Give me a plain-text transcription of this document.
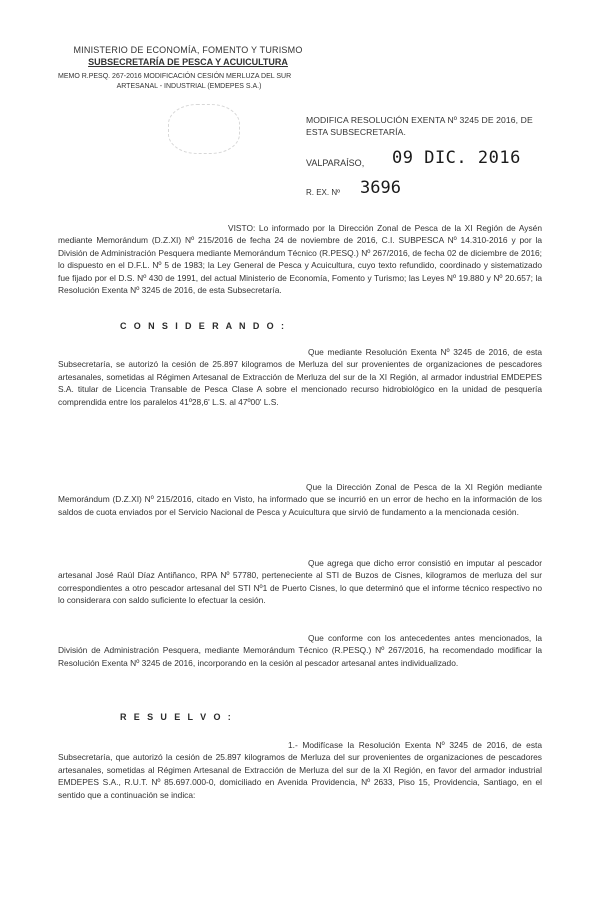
MINISTERIO DE ECONOMÍA, FOMENTO Y TURISMO
SUBSECRETARÍA DE PESCA Y ACUICULTURA
MEMO R.PESQ. 267-2016 MODIFICACIÓN CESIÓN MERLUZA DEL SUR

ARTESANAL - INDUSTRIAL (EMDEPES S.A.)
MODIFICA RESOLUCIÓN EXENTA Nº 3245 DE 2016, DE ESTA SUBSECRETARÍA.
VALPARAÍSO, 09 DIC. 2016
R. EX. Nº 3696
VISTO: Lo informado por la Dirección Zonal de Pesca de la XI Región de Aysén mediante Memorándum (D.Z.XI) Nº 215/2016 de fecha 24 de noviembre de 2016, C.I. SUBPESCA Nº 14.310-2016 y por la División de Administración Pesquera mediante Memorándum Técnico (R.PESQ.) Nº 267/2016, de fecha 02 de diciembre de 2016; lo dispuesto en el D.F.L. Nº 5 de 1983; la Ley General de Pesca y Acuicultura, cuyo texto refundido, coordinado y sistematizado fue fijado por el D.S. Nº 430 de 1991, del actual Ministerio de Economía, Fomento y Turismo; las Leyes Nº 19.880 y Nº 20.657; la Resolución Exenta Nº 3245 de 2016, de esta Subsecretaría.
C O N S I D E R A N D O :
Que mediante Resolución Exenta Nº 3245 de 2016, de esta Subsecretaría, se autorizó la cesión de 25.897 kilogramos de Merluza del sur provenientes de organizaciones de pescadores artesanales, sometidas al Régimen Artesanal de Extracción de Merluza del sur de la XI Región, al armador industrial EMDEPES S.A. titular de Licencia Transable de Pesca Clase A sobre el mencionado recurso hidrobiológico en la unidad de pesquería comprendida entre los paralelos 41º28,6' L.S. al 47º00' L.S.
Que la Dirección Zonal de Pesca de la XI Región mediante Memorándum (D.Z.XI) Nº 215/2016, citado en Visto, ha informado que se incurrió en un error de hecho en la información de los saldos de cuota enviados por el Servicio Nacional de Pesca y Acuicultura que sirvió de fundamento a la mencionada cesión.
Que agrega que dicho error consistió en imputar al pescador artesanal José Raúl Díaz Antiñanco, RPA Nº 57780, perteneciente al STI de Buzos de Cisnes, kilogramos de merluza del sur correspondientes a otro pescador artesanal del STI Nº1 de Puerto Cisnes, lo que determinó que el informe técnico respectivo no lo considerara con saldo suficiente lo efectuar la cesión.
Que conforme con los antecedentes antes mencionados, la División de Administración Pesquera, mediante Memorándum Técnico (R.PESQ.) Nº 267/2016, ha recomendado modificar la Resolución Exenta Nº 3245 de 2016, incorporando en la cesión al pescador artesanal antes individualizado.
R E S U E L V O :
1.- Modifícase la Resolución Exenta Nº 3245 de 2016, de esta Subsecretaría, que autorizó la cesión de 25.897 kilogramos de Merluza del sur provenientes de organizaciones de pescadores artesanales, sometidas al Régimen Artesanal de Extracción de Merluza del sur de la XI Región, en favor del armador industrial EMDEPES S.A., R.U.T. Nº 85.697.000-0, domiciliado en Avenida Providencia, Nº 2633, Piso 15, Providencia, Santiago, en el sentido que a continuación se indica:
